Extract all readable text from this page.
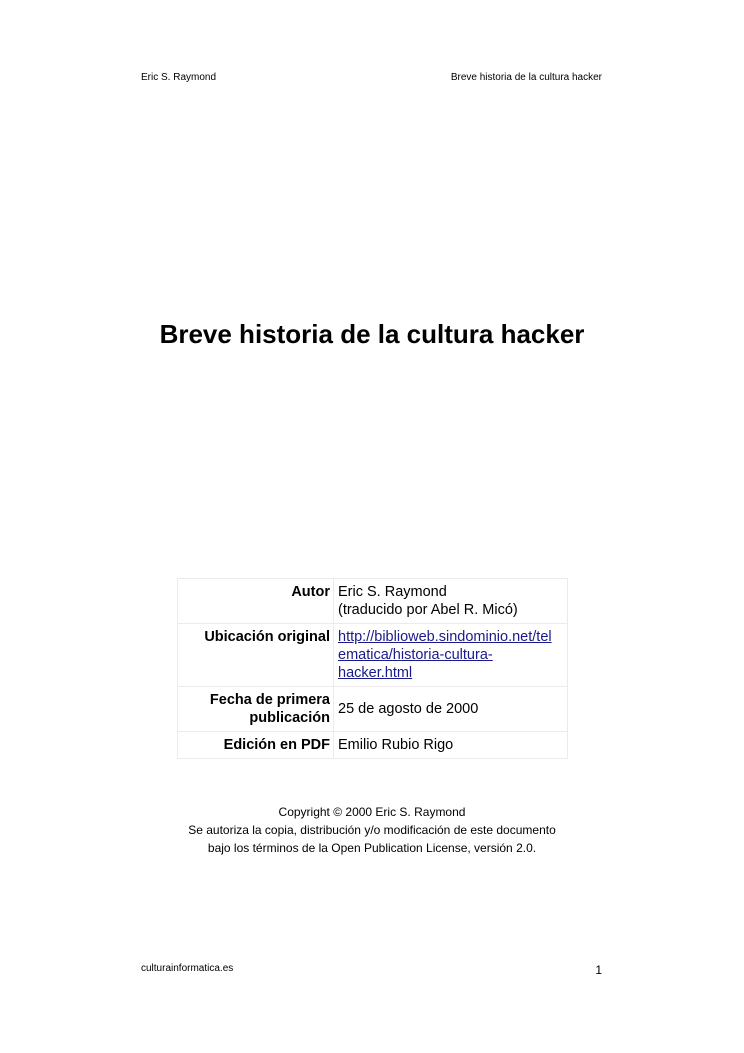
Eric S. Raymond	Breve historia de la cultura hacker
Breve historia de la cultura hacker
Autor	Eric S. Raymond
(traducido por Abel R. Micó)

Ubicación original	http://biblioweb.sindominio.net/tel
ematica/historia-cultura-
hacker.html

Fecha de primera
publicación	25 de agosto de 2000

Edición en PDF	Emilio Rubio Rigo
Copyright © 2000 Eric S. Raymond
Se autoriza la copia, distribución y/o modificación de este documento
bajo los términos de la Open Publication License, versión 2.0.
culturainformatica.es	1
